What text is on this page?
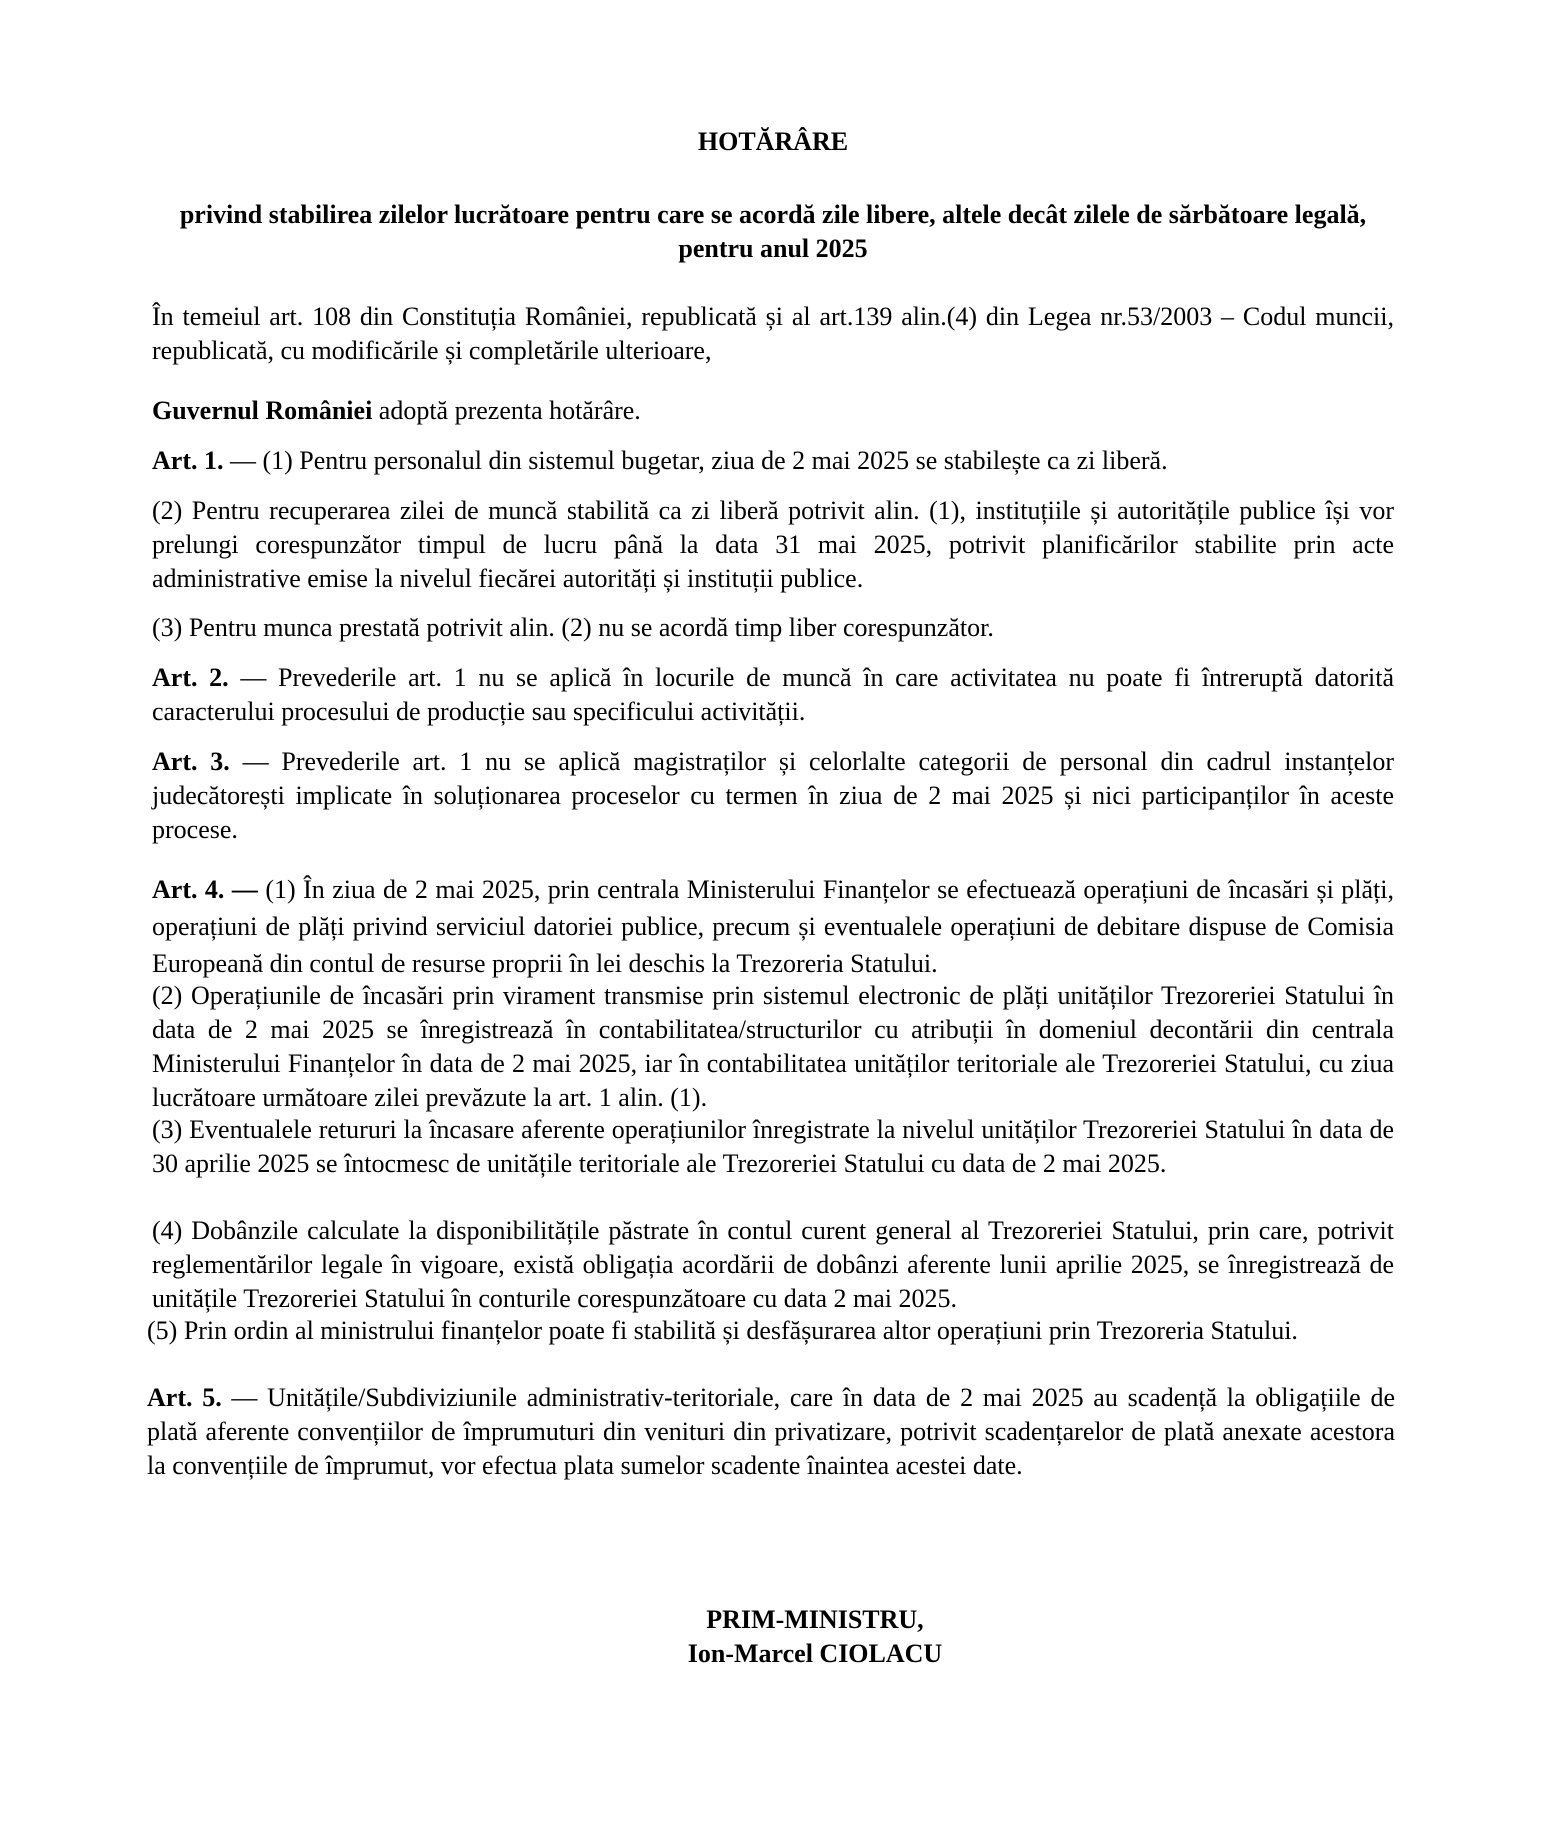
HOTĂRÂRE
privind stabilirea zilelor lucrătoare pentru care se acordă zile libere, altele decât zilele de sărbătoare legală, pentru anul 2025
În temeiul art. 108 din Constituția României, republicată și al art.139 alin.(4) din Legea nr.53/2003 – Codul muncii, republicată, cu modificările și completările ulterioare,
Guvernul României adoptă prezenta hotărâre.
Art. 1. — (1) Pentru personalul din sistemul bugetar, ziua de 2 mai 2025 se stabilește ca zi liberă.
(2) Pentru recuperarea zilei de muncă stabilită ca zi liberă potrivit alin. (1), instituțiile și autoritățile publice își vor prelungi corespunzător timpul de lucru până la data 31 mai 2025, potrivit planificărilor stabilite prin acte administrative emise la nivelul fiecărei autorități și instituții publice.
(3) Pentru munca prestată potrivit alin. (2) nu se acordă timp liber corespunzător.
Art. 2. — Prevederile art. 1 nu se aplică în locurile de muncă în care activitatea nu poate fi întreruptă datorită caracterului procesului de producție sau specificului activității.
Art. 3. — Prevederile art. 1 nu se aplică magistraților și celorlalte categorii de personal din cadrul instanțelor judecătorești implicate în soluționarea proceselor cu termen în ziua de 2 mai 2025 și nici participanților în aceste procese.
Art. 4. — (1) În ziua de 2 mai 2025, prin centrala Ministerului Finanțelor se efectuează operațiuni de încasări și plăți, operațiuni de plăți privind serviciul datoriei publice, precum și eventualele operațiuni de debitare dispuse de Comisia Europeană din contul de resurse proprii în lei deschis la Trezoreria Statului.
(2) Operațiunile de încasări prin virament transmise prin sistemul electronic de plăți unităților Trezoreriei Statului în data de 2 mai 2025 se înregistrează în contabilitatea/structurilor cu atribuții în domeniul decontării din centrala Ministerului Finanțelor în data de 2 mai 2025, iar în contabilitatea unităților teritoriale ale Trezoreriei Statului, cu ziua lucrătoare următoare zilei prevăzute la art. 1 alin. (1).
(3) Eventualele retururi la încasare aferente operațiunilor înregistrate la nivelul unităților Trezoreriei Statului în data de 30 aprilie 2025 se întocmesc de unitățile teritoriale ale Trezoreriei Statului cu data de 2 mai 2025.
(4) Dobânzile calculate la disponibilitățile păstrate în contul curent general al Trezoreriei Statului, prin care, potrivit reglementărilor legale în vigoare, există obligația acordării de dobânzi aferente lunii aprilie 2025, se înregistrează de unitățile Trezoreriei Statului în conturile corespunzătoare cu data 2 mai 2025.
(5) Prin ordin al ministrului finanțelor poate fi stabilită și desfășurarea altor operațiuni prin Trezoreria Statului.
Art. 5. — Unitățile/Subdiviziunile administrativ-teritoriale, care în data de 2 mai 2025 au scadență la obligațiile de plată aferente convențiilor de împrumuturi din venituri din privatizare, potrivit scadențarelor de plată anexate acestora la convențiile de împrumut, vor efectua plata sumelor scadente înaintea acestei date.
PRIM-MINISTRU,
Ion-Marcel CIOLACU
